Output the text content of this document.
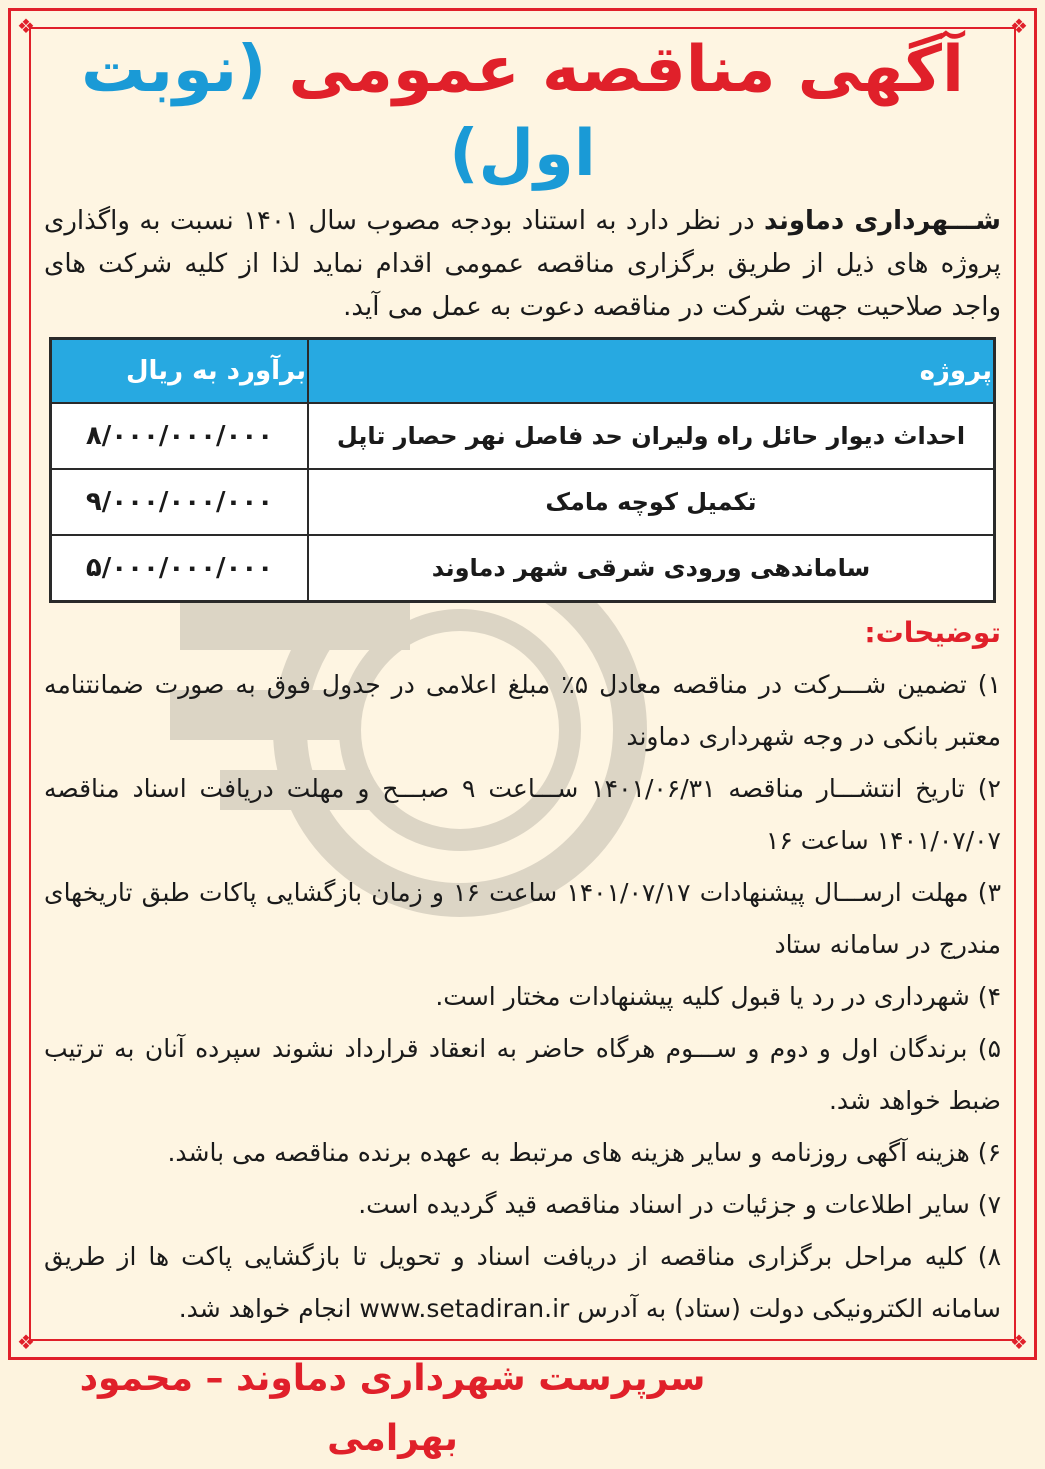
❖	❖
❖	❖
آگهی مناقصه عمومی (نوبت اول)

شـــهرداری دماوند در نظر دارد به استناد بودجه مصوب سال ۱۴۰۱ نسبت به واگذاری پروژه های ذیل از طریق برگزاری مناقصه عمومی اقدام نماید لذا از کلیه شرکت های واجد صلاحیت جهت شرکت در مناقصه دعوت به عمل می آید.

پروژه	برآورد به ریال
احداث دیوار حائل راه ولیران حد فاصل نهر حصار تاپل	۸/۰۰۰/۰۰۰/۰۰۰
تکمیل کوچه مامک	۹/۰۰۰/۰۰۰/۰۰۰
ساماندهی ورودی شرقی شهر دماوند	۵/۰۰۰/۰۰۰/۰۰۰
توضیحات:

۱) تضمین شـــرکت در مناقصه معادل ۵٪ مبلغ اعلامی در جدول فوق به صورت ضمانتنامه معتبر بانکی در وجه شهرداری دماوند

۲) تاریخ انتشـــار مناقصه ۱۴۰۱/۰۶/۳۱ ســـاعت ۹ صبـــح و مهلت دریافت اسناد مناقصه ۱۴۰۱/۰۷/۰۷ ساعت ۱۶

۳) مهلت ارســـال پیشنهادات ۱۴۰۱/۰۷/۱۷ ساعت ۱۶ و زمان بازگشایی پاکات طبق تاریخهای مندرج در سامانه ستاد

۴) شهرداری در رد یا قبول کلیه پیشنهادات مختار است.

۵) برندگان اول و دوم و ســـوم هرگاه حاضر به انعقاد قرارداد نشوند سپرده آنان به ترتیب ضبط خواهد شد.

۶) هزینه آگهی روزنامه و سایر هزینه های مرتبط به عهده برنده مناقصه می باشد.

۷) سایر اطلاعات و جزئیات در اسناد مناقصه قید گردیده است.

۸) کلیه مراحل برگزاری مناقصه از دریافت اسناد و تحویل تا بازگشایی پاکت ها از طریق سامانه الکترونیکی دولت (ستاد) به آدرس www.setadiran.ir انجام خواهد شد.

سرپرست شهرداری دماوند – محمود بهرامی
